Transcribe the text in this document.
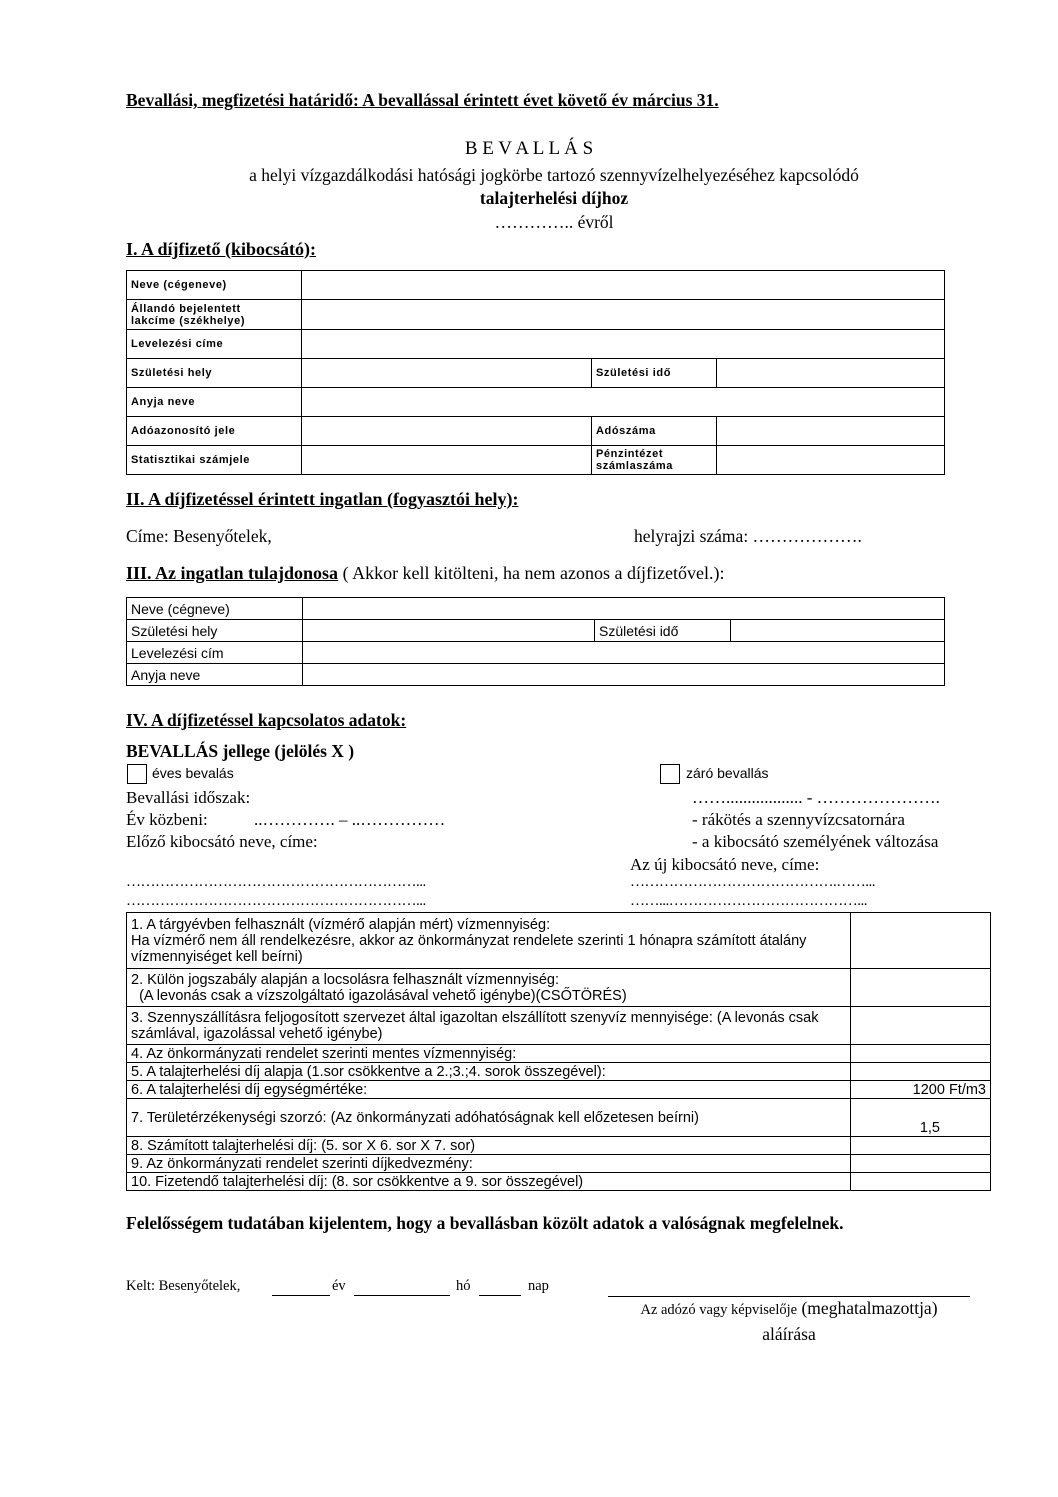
Bevallási, megfizetési határidő: A bevallással érintett évet követő év március 31.
B E V A L L Á S
a helyi vízgazdálkodási hatósági jogkörbe tartozó szennyvízelhelyezéséhez kapcsolódó
talajterhelési díjhoz
………….. évről
I. A díjfizető (kibocsátó):
Neve (cégeneve)			
Állandó bejelentett
lakcíme (székhelye)			
Levelezési címe			
Születési hely		Születési idő	
Anyja neve			
Adóazonosító jele		Adószáma	
Statisztikai számjele		Pénzintézet
számlaszáma	
II. A díjfizetéssel érintett ingatlan (fogyasztói hely):
Címe: Besenyőtelek,	helyrajzi száma: ……………….
III. Az ingatlan tulajdonosa ( Akkor kell kitölteni, ha nem azonos a díjfizetővel.):
Neve (cégneve)			
Születési hely		Születési idő	
Levelezési cím			
Anyja neve			
IV. A díjfizetéssel kapcsolatos adatok:
BEVALLÁS jellege (jelölés X )
éves bevalás	záró bevallás
Bevallási időszak:	…….................. - ………………….
Év közbeni:	..…………. – ..……………	- rákötés a szennyvízcsatornára
Előző kibocsátó neve, címe:	- a kibocsátó személyének változása
Az új kibocsátó neve, címe:
……………………………………………………...
……………………………………………………...
…………………………………….……...
……...…………………………………...
1. A tárgyévben felhasznált (vízmérő alapján mért) vízmennyiség:
Ha vízmérő nem áll rendelkezésre, akkor az önkormányzat rendelete szerinti 1 hónapra számított átalány vízmennyiséget kell beírni)	
2. Külön jogszabály alapján a locsolásra felhasznált vízmennyiség:
(A levonás csak a vízszolgáltató igazolásával vehető igénybe)(CSŐTÖRÉS)	
3. Szennyszállításra feljogosított szervezet által igazoltan elszállított szenyvíz mennyisége: (A levonás csak számlával, igazolással vehető igénybe)	
4. Az önkormányzati rendelet szerinti mentes vízmennyiség:	
5. A talajterhelési díj alapja (1.sor csökkentve a 2.;3.;4. sorok összegével):	
6. A talajterhelési díj egységmértéke:	1200 Ft/m3
7. Területérzékenységi szorzó: (Az önkormányzati adóhatóságnak kell előzetesen beírni)	1,5
8. Számított talajterhelési díj: (5. sor X 6. sor X 7. sor)	
9. Az önkormányzati rendelet szerinti díjkedvezmény:	
10. Fizetendő talajterhelési díj: (8. sor csökkentve a 9. sor összegével)	
Felelősségem tudatában kijelentem, hogy a bevallásban közölt adatok a valóságnak megfelelnek.
Kelt: Besenyőtelek,	év	hó	nap
Az adózó vagy képviselője (meghatalmazottja)
aláírása
